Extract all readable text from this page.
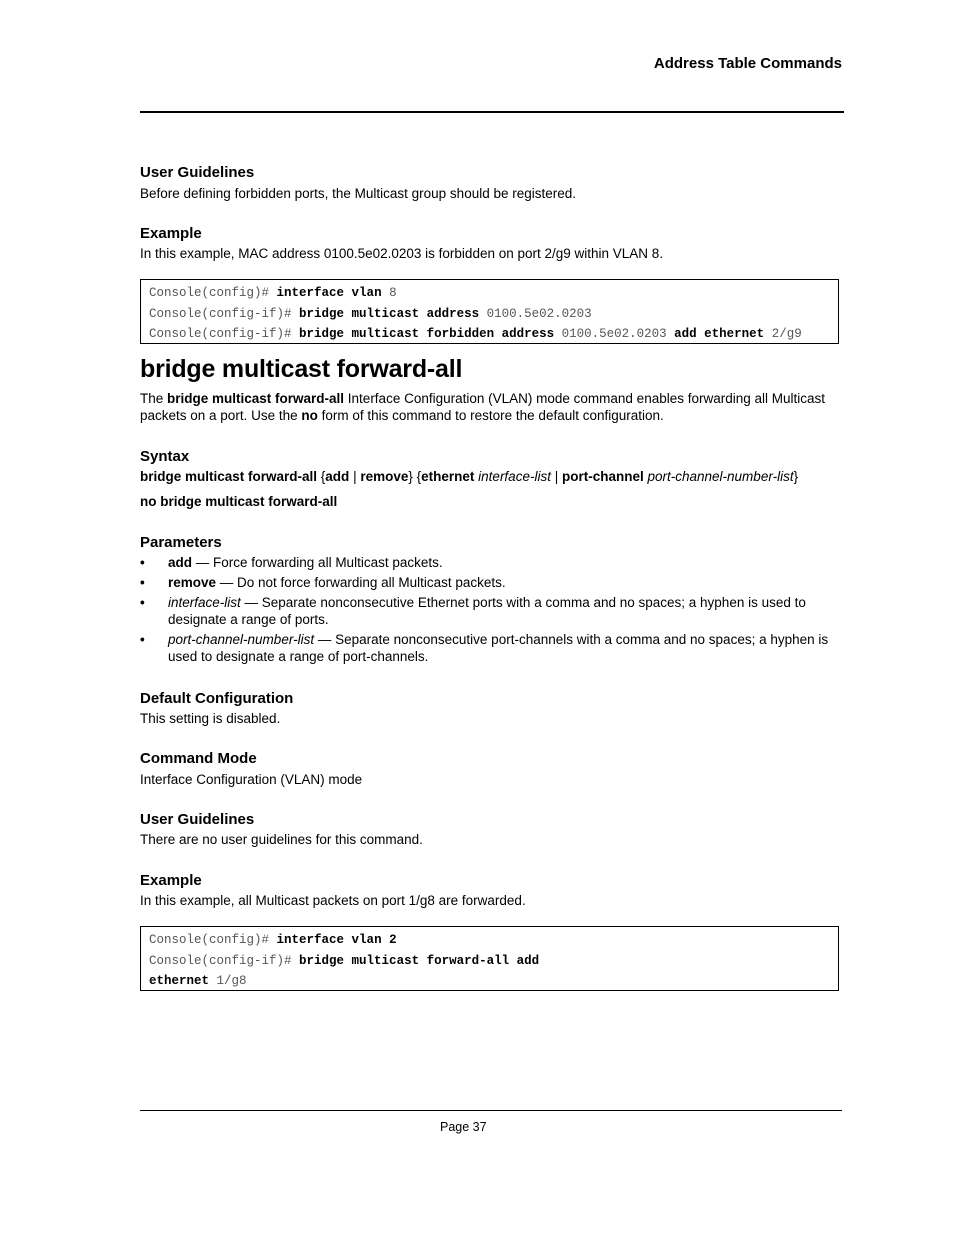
Address Table Commands
User Guidelines
Before defining forbidden ports, the Multicast group should be registered.
Example
In this example, MAC address 0100.5e02.0203 is forbidden on port 2/g9 within VLAN 8.
Console(config)# interface vlan 8
Console(config-if)# bridge multicast address 0100.5e02.0203
Console(config-if)# bridge multicast forbidden address 0100.5e02.0203 add ethernet 2/g9
bridge multicast forward-all
The bridge multicast forward-all Interface Configuration (VLAN) mode command enables forwarding all Multicast packets on a port. Use the no form of this command to restore the default configuration.
Syntax
bridge multicast forward-all {add | remove} {ethernet interface-list | port-channel port-channel-number-list}
no bridge multicast forward-all
Parameters
• add — Force forwarding all Multicast packets.
• remove — Do not force forwarding all Multicast packets.
• interface-list — Separate nonconsecutive Ethernet ports with a comma and no spaces; a hyphen is used to designate a range of ports.
• port-channel-number-list — Separate nonconsecutive port-channels with a comma and no spaces; a hyphen is used to designate a range of port-channels.
Default Configuration
This setting is disabled.
Command Mode
Interface Configuration (VLAN) mode
User Guidelines
There are no user guidelines for this command.
Example
In this example, all Multicast packets on port 1/g8 are forwarded.
Console(config)# interface vlan 2
Console(config-if)# bridge multicast forward-all add
ethernet 1/g8
Page 37
